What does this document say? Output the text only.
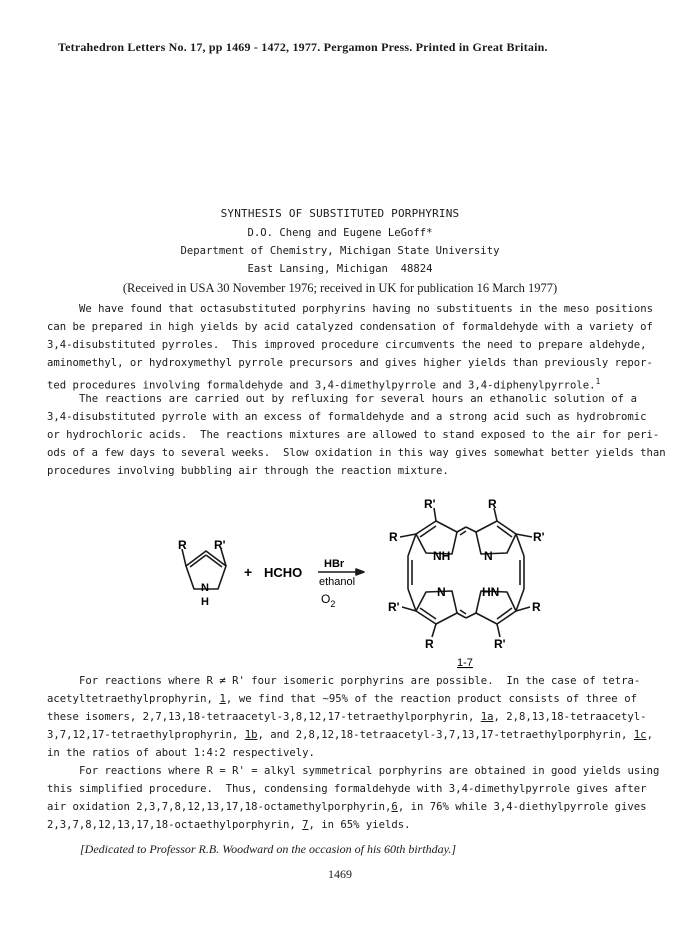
Tetrahedron Letters No. 17, pp 1469 - 1472, 1977. Pergamon Press. Printed in Great Britain.
SYNTHESIS OF SUBSTITUTED PORPHYRINS
D.O. Cheng and Eugene LeGoff*
Department of Chemistry, Michigan State University
East Lansing, Michigan  48824
(Received in USA 30 November 1976; received in UK for publication 16 March 1977)
We have found that octasubstituted porphyrins having no substituents in the meso positions
can be prepared in high yields by acid catalyzed condensation of formaldehyde with a variety of
3,4-disubstituted pyrroles.  This improved procedure circumvents the need to prepare aldehyde,
aminomethyl, or hydroxymethyl pyrrole precursors and gives higher yields than previously repor-
ted procedures involving formaldehyde and 3,4-dimethylpyrrole and 3,4-diphenylpyrrole.$^1$
The reactions are carried out by refluxing for several hours an ethanolic solution of a
3,4-disubstituted pyrrole with an excess of formaldehyde and a strong acid such as hydrobromic
or hydrochloric acids.  The reactions mixtures are allowed to stand exposed to the air for peri-
ods of a few days to several weeks.  Slow oxidation in this way gives somewhat better yields than
procedures involving bubbling air through the reaction mixture.
R R'
N
H
+ HCHO
HBr
ethanol
$O_2$
R'	R
R	R'
R'	R
R	R'
NH	N
N	HN
1-7
For reactions where R ≠ R' four isomeric porphyrins are possible.  In the case of tetra-
acetyltetraethylprophyrin, 1, we find that ∼95% of the reaction product consists of three of
these isomers, 2,7,13,18-tetraacetyl-3,8,12,17-tetraethylporphyrin, 1a, 2,8,13,18-tetraacetyl-
3,7,12,17-tetraethylprophyrin, 1b, and 2,8,12,18-tetraacetyl-3,7,13,17-tetraethylporphyrin, 1c,
in the ratios of about 1:4:2 respectively.
For reactions where R = R' = alkyl symmetrical porphyrins are obtained in good yields using
this simplified procedure.  Thus, condensing formaldehyde with 3,4-dimethylpyrrole gives after
air oxidation 2,3,7,8,12,13,17,18-octamethylporphyrin,6, in 76% while 3,4-diethylpyrrole gives
2,3,7,8,12,13,17,18-octaethylporphyrin, 7, in 65% yields.
[Dedicated to Professor R.B. Woodward on the occasion of his 60th birthday.]
1469
